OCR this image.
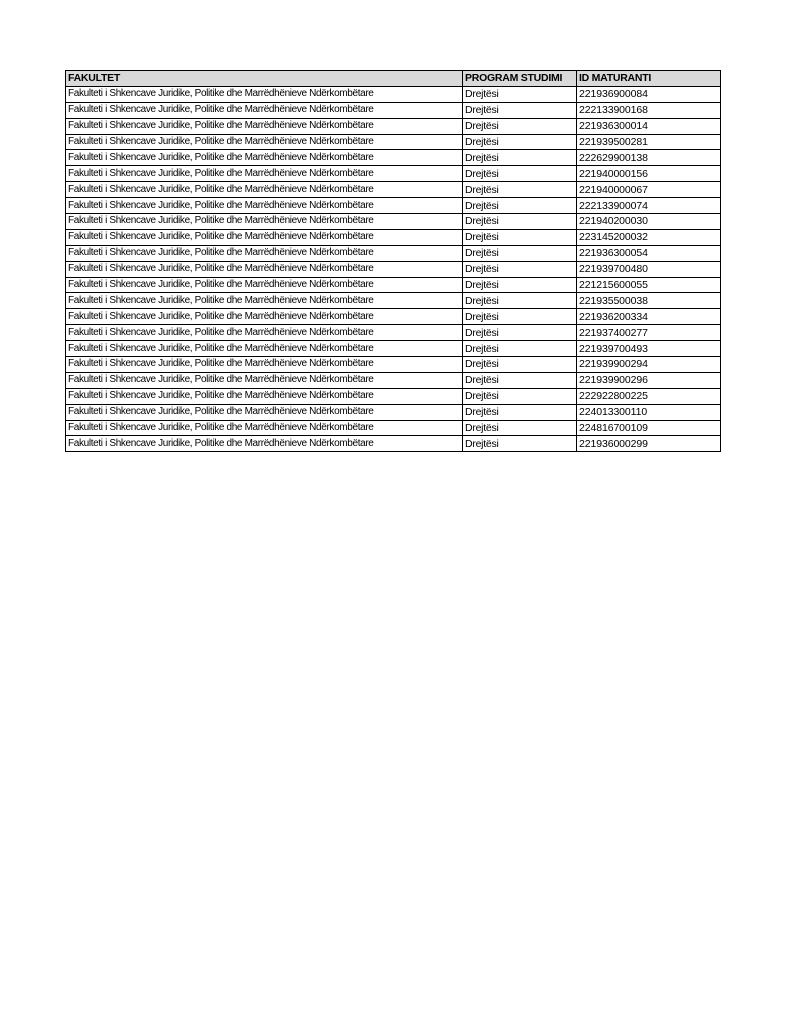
FAKULTET	PROGRAM STUDIMI	ID MATURANTI
Fakulteti i Shkencave Juridike, Politike dhe Marrëdhënieve Ndërkombëtare	Drejtësi	221936900084
Fakulteti i Shkencave Juridike, Politike dhe Marrëdhënieve Ndërkombëtare	Drejtësi	222133900168
Fakulteti i Shkencave Juridike, Politike dhe Marrëdhënieve Ndërkombëtare	Drejtësi	221936300014
Fakulteti i Shkencave Juridike, Politike dhe Marrëdhënieve Ndërkombëtare	Drejtësi	221939500281
Fakulteti i Shkencave Juridike, Politike dhe Marrëdhënieve Ndërkombëtare	Drejtësi	222629900138
Fakulteti i Shkencave Juridike, Politike dhe Marrëdhënieve Ndërkombëtare	Drejtësi	221940000156
Fakulteti i Shkencave Juridike, Politike dhe Marrëdhënieve Ndërkombëtare	Drejtësi	221940000067
Fakulteti i Shkencave Juridike, Politike dhe Marrëdhënieve Ndërkombëtare	Drejtësi	222133900074
Fakulteti i Shkencave Juridike, Politike dhe Marrëdhënieve Ndërkombëtare	Drejtësi	221940200030
Fakulteti i Shkencave Juridike, Politike dhe Marrëdhënieve Ndërkombëtare	Drejtësi	223145200032
Fakulteti i Shkencave Juridike, Politike dhe Marrëdhënieve Ndërkombëtare	Drejtësi	221936300054
Fakulteti i Shkencave Juridike, Politike dhe Marrëdhënieve Ndërkombëtare	Drejtësi	221939700480
Fakulteti i Shkencave Juridike, Politike dhe Marrëdhënieve Ndërkombëtare	Drejtësi	221215600055
Fakulteti i Shkencave Juridike, Politike dhe Marrëdhënieve Ndërkombëtare	Drejtësi	221935500038
Fakulteti i Shkencave Juridike, Politike dhe Marrëdhënieve Ndërkombëtare	Drejtësi	221936200334
Fakulteti i Shkencave Juridike, Politike dhe Marrëdhënieve Ndërkombëtare	Drejtësi	221937400277
Fakulteti i Shkencave Juridike, Politike dhe Marrëdhënieve Ndërkombëtare	Drejtësi	221939700493
Fakulteti i Shkencave Juridike, Politike dhe Marrëdhënieve Ndërkombëtare	Drejtësi	221939900294
Fakulteti i Shkencave Juridike, Politike dhe Marrëdhënieve Ndërkombëtare	Drejtësi	221939900296
Fakulteti i Shkencave Juridike, Politike dhe Marrëdhënieve Ndërkombëtare	Drejtësi	222922800225
Fakulteti i Shkencave Juridike, Politike dhe Marrëdhënieve Ndërkombëtare	Drejtësi	224013300110
Fakulteti i Shkencave Juridike, Politike dhe Marrëdhënieve Ndërkombëtare	Drejtësi	224816700109
Fakulteti i Shkencave Juridike, Politike dhe Marrëdhënieve Ndërkombëtare	Drejtësi	221936000299
